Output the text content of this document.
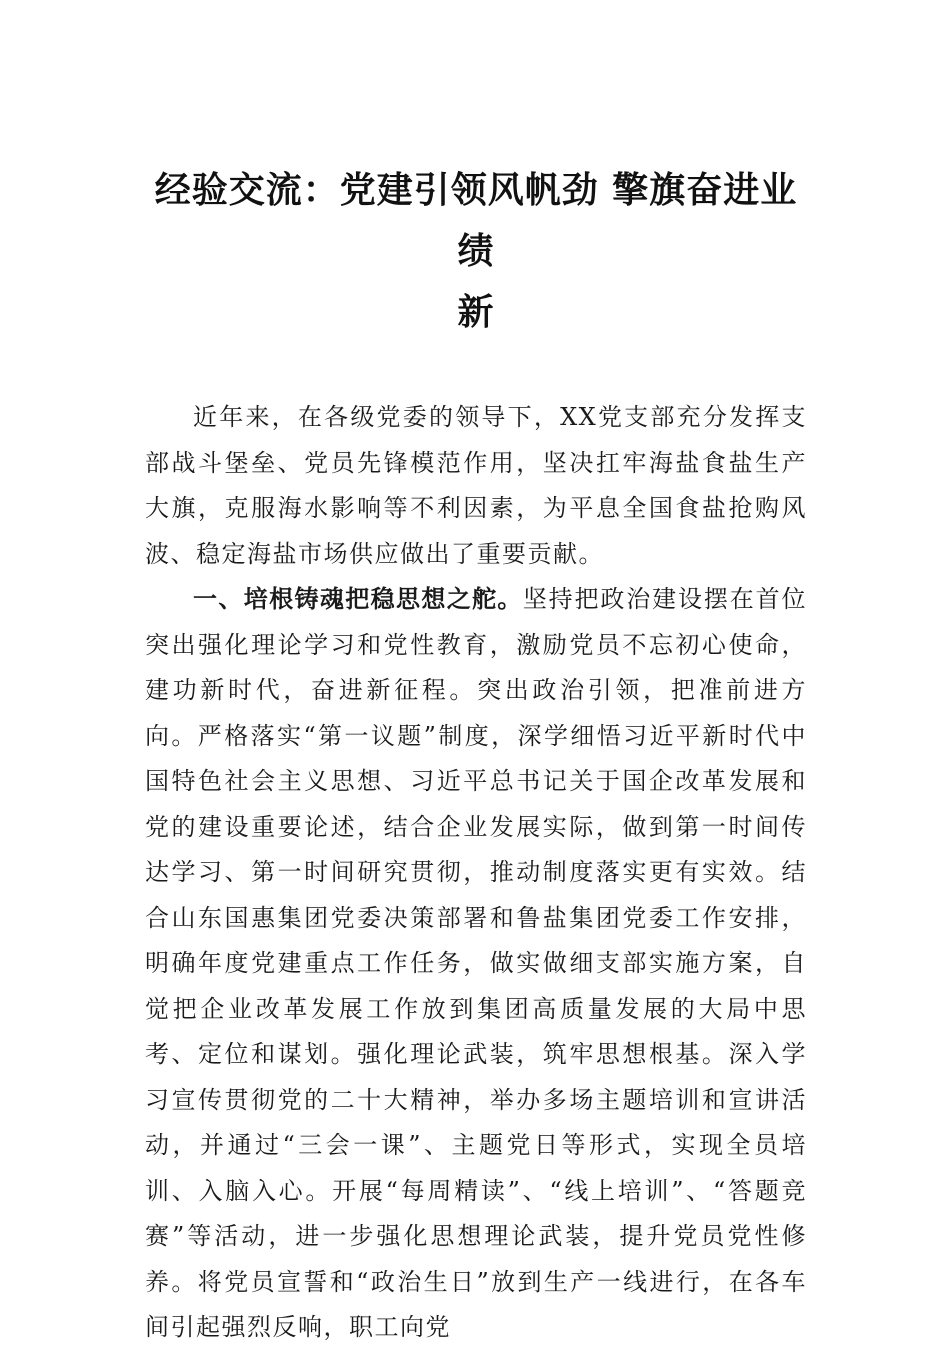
经验交流：党建引领风帆劲 擎旗奋进业绩
新

近年来，在各级党委的领导下，XX党支部充分发挥支部战斗堡垒、党员先锋模范作用，坚决扛牢海盐食盐生产大旗，克服海水影响等不利因素，为平息全国食盐抢购风波、稳定海盐市场供应做出了重要贡献。

一、培根铸魂把稳思想之舵。坚持把政治建设摆在首位突出强化理论学习和党性教育，激励党员不忘初心使命，建功新时代，奋进新征程。突出政治引领，把准前进方向。严格落实“第一议题”制度，深学细悟习近平新时代中国特色社会主义思想、习近平总书记关于国企改革发展和党的建设重要论述，结合企业发展实际，做到第一时间传达学习、第一时间研究贯彻，推动制度落实更有实效。结合山东国惠集团党委决策部署和鲁盐集团党委工作安排，明确年度党建重点工作任务，做实做细支部实施方案，自觉把企业改革发展工作放到集团高质量发展的大局中思考、定位和谋划。强化理论武装，筑牢思想根基。深入学习宣传贯彻党的二十大精神，举办多场主题培训和宣讲活动，并通过“三会一课”、主题党日等形式，实现全员培训、入脑入心。开展“每周精读”、“线上培训”、“答题竞赛”等活动，进一步强化思想理论武装，提升党员党性修养。将党员宣誓和“政治生日”放到生产一线进行，在各车间引起强烈反响，职工向党
